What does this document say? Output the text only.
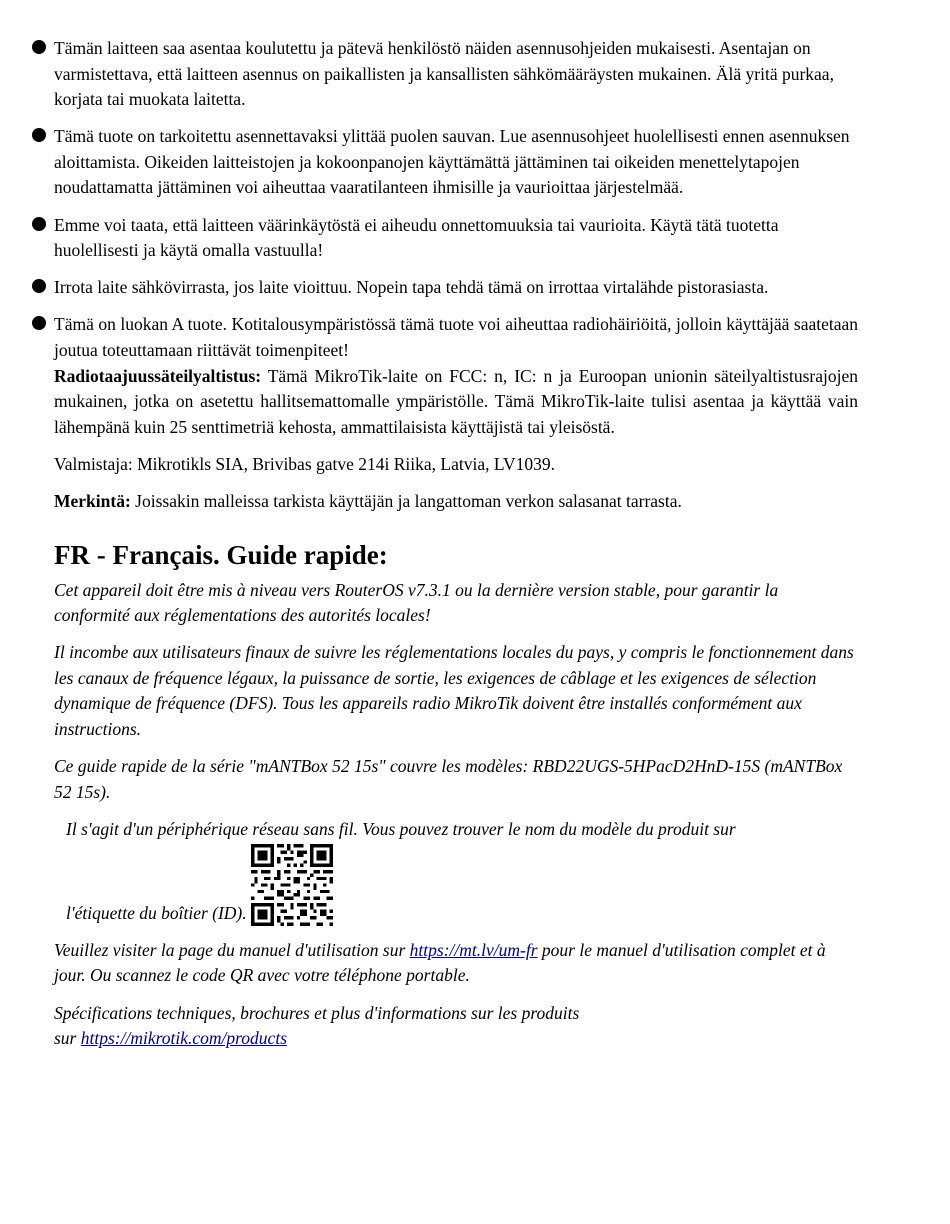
Tämän laitteen saa asentaa koulutettu ja pätevä henkilöstö näiden asennusohjeiden mukaisesti. Asentajan on varmistettava, että laitteen asennus on paikallisten ja kansallisten sähkömääräysten mukainen. Älä yritä purkaa, korjata tai muokata laitetta.

Tämä tuote on tarkoitettu asennettavaksi ylittää puolen sauvan. Lue asennusohjeet huolellisesti ennen asennuksen aloittamista. Oikeiden laitteistojen ja kokoonpanojen käyttämättä jättäminen tai oikeiden menettelytapojen noudattamatta jättäminen voi aiheuttaa vaaratilanteen ihmisille ja vaurioittaa järjestelmää.

Emme voi taata, että laitteen väärinkäytöstä ei aiheudu onnettomuuksia tai vaurioita. Käytä tätä tuotetta huolellisesti ja käytä omalla vastuulla!

Irrota laite sähkövirrasta, jos laite vioittuu. Nopein tapa tehdä tämä on irrottaa virtalähde pistorasiasta.

Tämä on luokan A tuote. Kotitalousympäristössä tämä tuote voi aiheuttaa radiohäiriöitä, jolloin käyttäjää saatetaan joutua toteuttamaan riittävät toimenpiteet!

Radiotaajuussäteilyaltistus: Tämä MikroTik-laite on FCC: n, IC: n ja Euroopan unionin säteilyaltistusrajojen mukainen, jotka on asetettu hallitsemattomalle ympäristölle. Tämä MikroTik-laite tulisi asentaa ja käyttää vain lähempänä kuin 25 senttimetriä kehosta, ammattilaisista käyttäjistä tai yleisöstä.

Valmistaja: Mikrotikls SIA, Brivibas gatve 214i Riika, Latvia, LV1039.

Merkintä: Joissakin malleissa tarkista käyttäjän ja langattoman verkon salasanat tarrasta.

FR - Français. Guide rapide:

Cet appareil doit être mis à niveau vers RouterOS v7.3.1 ou la dernière version stable, pour garantir la conformité aux réglementations des autorités locales!

Il incombe aux utilisateurs finaux de suivre les réglementations locales du pays, y compris le fonctionnement dans les canaux de fréquence légaux, la puissance de sortie, les exigences de câblage et les exigences de sélection dynamique de fréquence (DFS). Tous les appareils radio MikroTik doivent être installés conformément aux instructions.

Ce guide rapide de la série "mANTBox 52 15s" couvre les modèles: RBD22UGS-5HPacD2HnD-15S (mANTBox 52 15s).

Il s'agit d'un périphérique réseau sans fil. Vous pouvez trouver le nom du modèle du produit sur
l'étiquette du boîtier (ID).

Veuillez visiter la page du manuel d'utilisation sur https://mt.lv/um-fr pour le manuel d'utilisation complet et à jour. Ou scannez le code QR avec votre téléphone portable.

Spécifications techniques, brochures et plus d'informations sur les produits
sur https://mikrotik.com/products
